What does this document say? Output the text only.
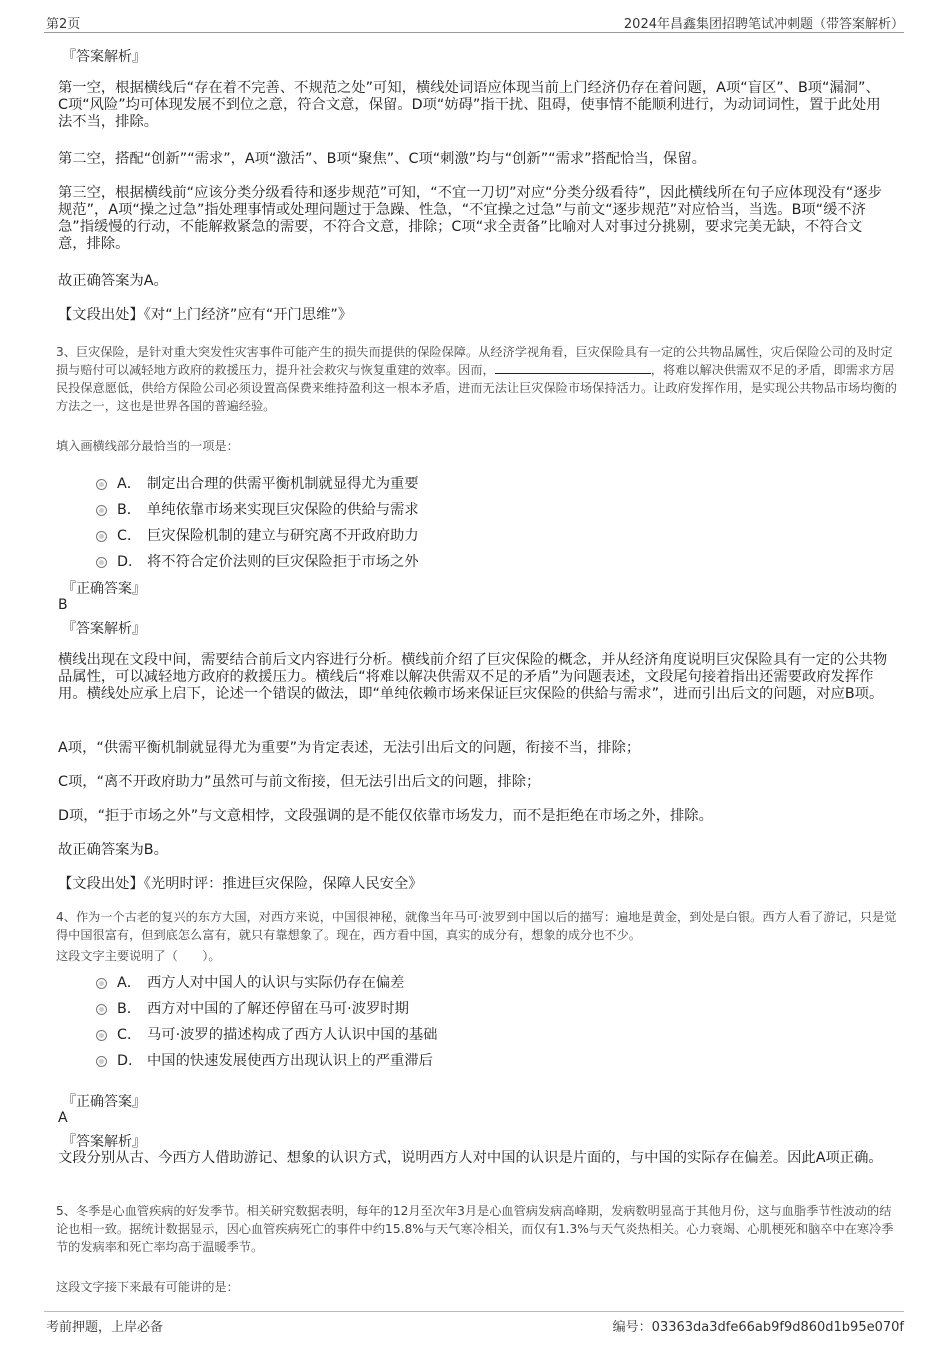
第2页	2024年昌鑫集团招聘笔试冲刺题（带答案解析）
『答案解析』
第一空，根据横线后“存在着不完善、不规范之处”可知，横线处词语应体现当前上门经济仍存在着问题，A项“盲区”、B项“漏洞”、C项“风险”均可体现发展不到位之意，符合文意，保留。D项“妨碍”指干扰、阻碍，使事情不能顺利进行，为动词词性，置于此处用法不当，排除。
第二空，搭配“创新”“需求”，A项“激活”、B项“聚焦”、C项“刺激”均与“创新”“需求”搭配恰当，保留。
第三空，根据横线前“应该分类分级看待和逐步规范”可知，“不宜一刀切”对应“分类分级看待”，因此横线所在句子应体现没有“逐步规范”，A项“操之过急”指处理事情或处理问题过于急躁、性急，“不宜操之过急”与前文“逐步规范”对应恰当，当选。B项“缓不济急”指缓慢的行动，不能解救紧急的需要，不符合文意，排除；C项“求全责备”比喻对人对事过分挑剔，要求完美无缺，不符合文意，排除。
故正确答案为A。
【文段出处】《对“上门经济”应有“开门思维”》
3、巨灾保险，是针对重大突发性灾害事件可能产生的损失而提供的保险保障。从经济学视角看，巨灾保险具有一定的公共物品属性，灾后保险公司的及时定损与赔付可以减轻地方政府的救援压力，提升社会救灾与恢复重建的效率。因而，	，将难以解决供需双不足的矛盾，即需求方居民投保意愿低，供给方保险公司必须设置高保费来维持盈利这一根本矛盾，进而无法让巨灾保险市场保持活力。让政府发挥作用，是实现公共物品市场均衡的方法之一，这也是世界各国的普遍经验。
填入画横线部分最恰当的一项是：
A． 制定出合理的供需平衡机制就显得尤为重要
B． 单纯依靠市场来实现巨灾保险的供給与需求
C． 巨灾保险机制的建立与研究离不开政府助力
D． 将不符合定价法则的巨灾保险拒于市场之外
『正确答案』
B
『答案解析』
横线出现在文段中间，需要结合前后文内容进行分析。横线前介绍了巨灾保险的概念，并从经济角度说明巨灾保险具有一定的公共物品属性，可以减轻地方政府的救援压力。横线后“将难以解决供需双不足的矛盾”为问题表述，文段尾句接着指出还需要政府发挥作用。横线处应承上启下，论述一个错误的做法，即“单纯依赖市场来保证巨灾保险的供給与需求”，进而引出后文的问题，对应B项。
A项，“供需平衡机制就显得尤为重要”为肯定表述，无法引出后文的问题，衔接不当，排除；
C项，“离不开政府助力”虽然可与前文衔接，但无法引出后文的问题，排除；
D项，“拒于市场之外”与文意相悖，文段强调的是不能仅依靠市场发力，而不是拒绝在市场之外，排除。
故正确答案为B。
【文段出处】《光明时评：推进巨灾保险，保障人民安全》
4、作为一个古老的复兴的东方大国，对西方来说，中国很神秘，就像当年马可·波罗到中国以后的描写：遍地是黄金，到处是白银。西方人看了游记，只是觉得中国很富有，但到底怎么富有，就只有靠想象了。现在，西方看中国，真实的成分有，想象的成分也不少。
这段文字主要说明了（　　）。
A． 西方人对中国人的认识与实际仍存在偏差
B． 西方对中国的了解还停留在马可·波罗时期
C． 马可·波罗的描述构成了西方人认识中国的基础
D． 中国的快速发展使西方出现认识上的严重滞后
『正确答案』
A
『答案解析』
文段分别从古、今西方人借助游记、想象的认识方式，说明西方人对中国的认识是片面的，与中国的实际存在偏差。因此A项正确。
5、冬季是心血管疾病的好发季节。相关研究数据表明，每年的12月至次年3月是心血管病发病高峰期，发病数明显高于其他月份，这与血脂季节性波动的结论也相一致。据统计数据显示，因心血管疾病死亡的事件中约15.8%与天气寒冷相关，而仅有1.3%与天气炎热相关。心力衰竭、心肌梗死和脑卒中在寒冷季节的发病率和死亡率均高于温暖季节。
这段文字接下来最有可能讲的是：
考前押题，上岸必备	编号：03363da3dfe66ab9f9d860d1b95e070f
